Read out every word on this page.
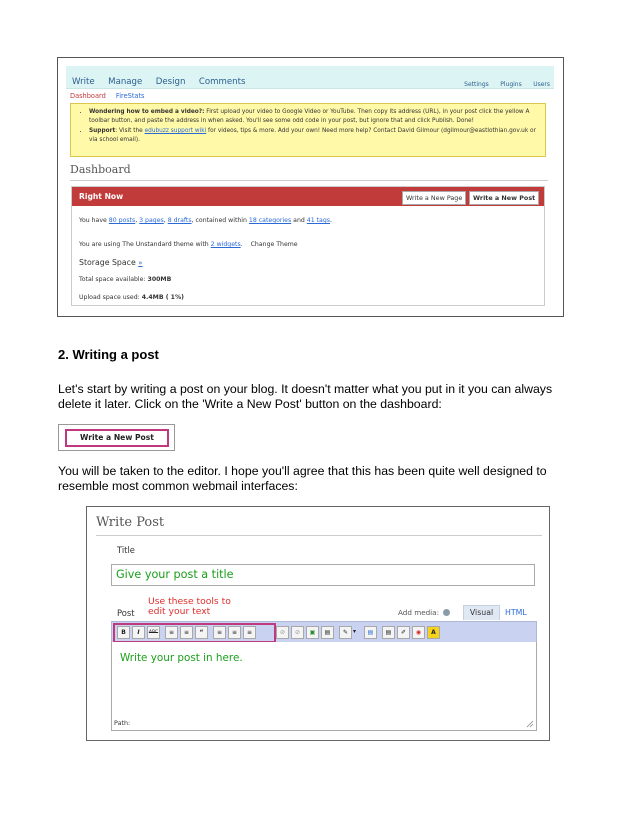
Write Manage Design Comments	Settings Plugins Users
Dashboard FireStats
• Wondering how to embed a video?: First upload your video to Google Video or YouTube. Then copy its address (URL), in your post click the yellow A toolbar button, and paste the address in when asked. You'll see some odd code in your post, but ignore that and click Publish. Done!
• Support: Visit the edubuzz support wiki for videos, tips & more. Add your own! Need more help? Contact David Gilmour (dgilmour@eastlothian.gov.uk or via school email).
Dashboard
Right Now	Write a New Page	Write a New Post
You have 80 posts, 3 pages, 8 drafts, contained within 18 categories and 41 tags.
You are using The Unstandard theme with 2 widgets. Change Theme
Storage Space »
Total space available: 300MB
Upload space used: 4.4MB ( 1%)
2. Writing a post
Let's start by writing a post on your blog. It doesn't matter what you put in it you can always delete it later. Click on the 'Write a New Post' button on the dashboard:
Write a New Post
You will be taken to the editor. I hope you'll agree that this has been quite well designed to resemble most common webmail interfaces:
Write Post
Title
Give your post a title
Post
Use these tools to
edit your text	Add media:	Visual	HTML
B	I	ABC	≡	≡	“	≡	≡	≡	⊘	⊘	▣	▤	✎ ▾	▤	▤	✐	◉	A
Write your post in here.
Path:
